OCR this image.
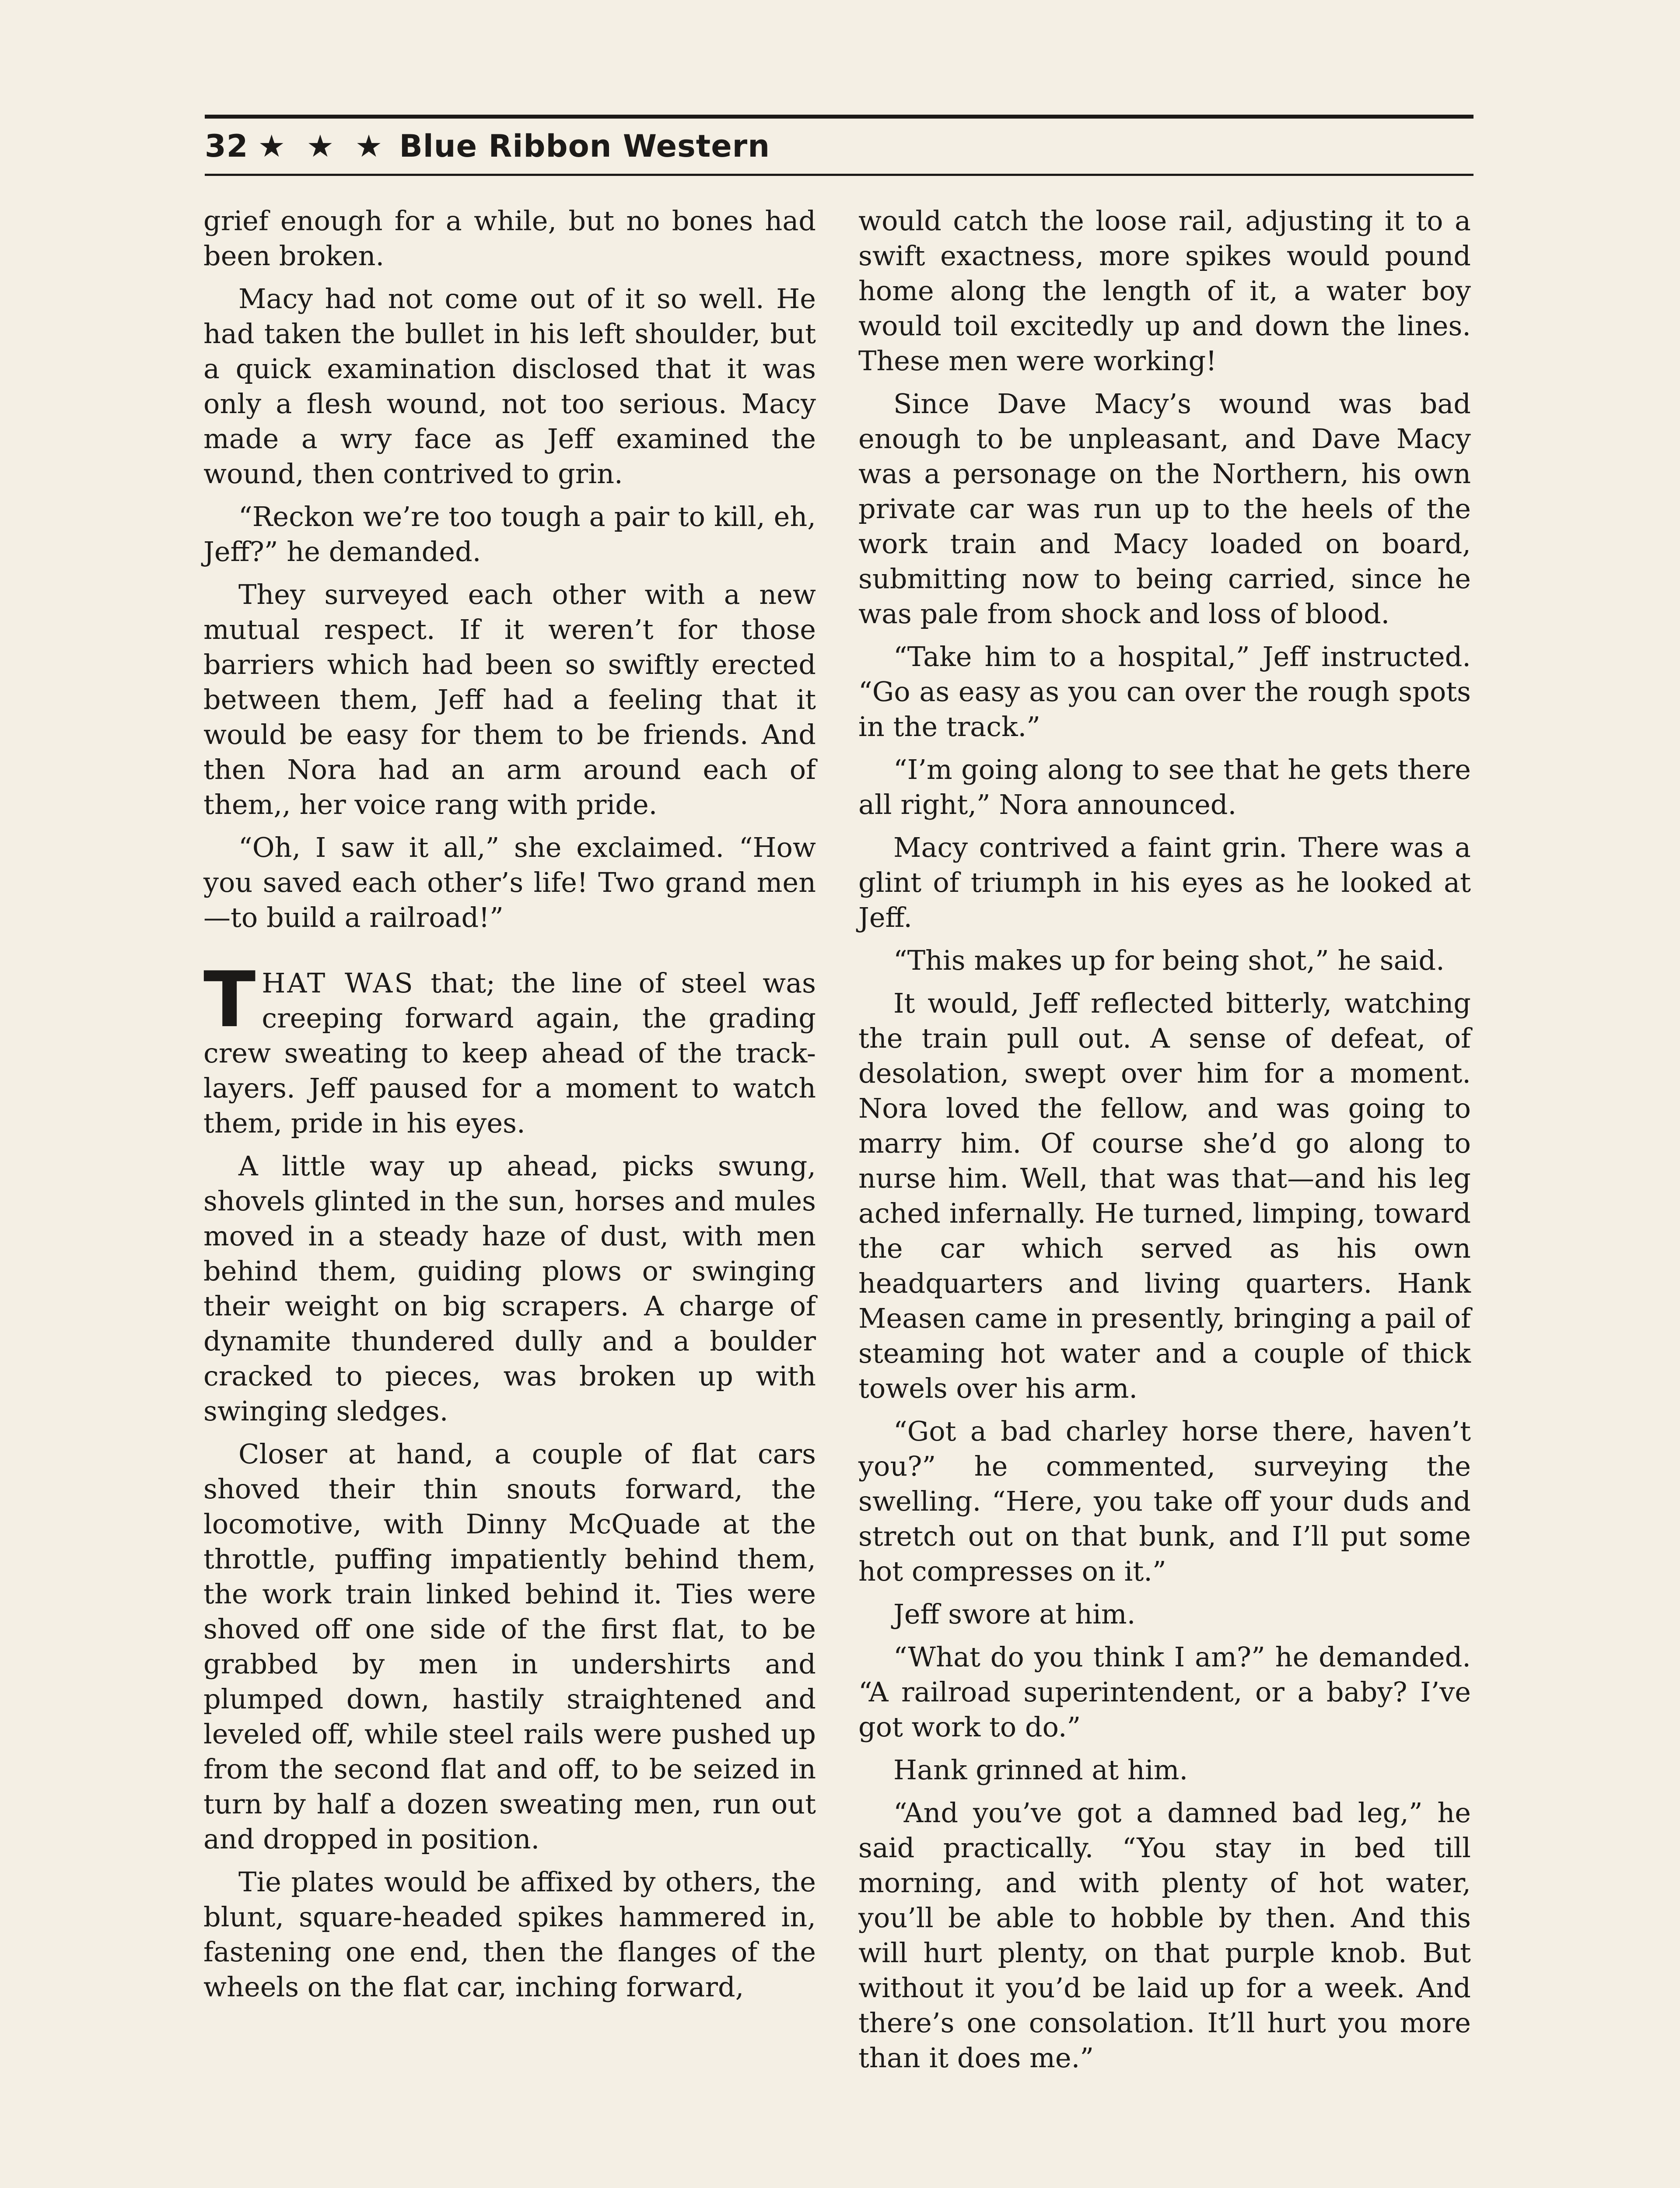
32 ★ ★ ★ Blue Ribbon Western

grief enough for a while, but no bones had been broken.

Macy had not come out of it so well. He had taken the bullet in his left shoulder, but a quick examination disclosed that it was only a flesh wound, not too serious. Macy made a wry face as Jeff examined the wound, then contrived to grin.

“Reckon we’re too tough a pair to kill, eh, Jeff?” he demanded.

They surveyed each other with a new mutual respect. If it weren’t for those barriers which had been so swiftly erected between them, Jeff had a feeling that it would be easy for them to be friends. And then Nora had an arm around each of them,, her voice rang with pride.

“Oh, I saw it all,” she exclaimed. “How you saved each other’s life! Two grand men—to build a railroad!”

THAT WAS that; the line of steel was creeping forward again, the grading crew sweating to keep ahead of the track-layers. Jeff paused for a moment to watch them, pride in his eyes.

A little way up ahead, picks swung, shovels glinted in the sun, horses and mules moved in a steady haze of dust, with men behind them, guiding plows or swinging their weight on big scrapers. A charge of dynamite thundered dully and a boulder cracked to pieces, was broken up with swinging sledges.

Closer at hand, a couple of flat cars shoved their thin snouts forward, the locomotive, with Dinny McQuade at the throttle, puffing impatiently behind them, the work train linked behind it. Ties were shoved off one side of the first flat, to be grabbed by men in undershirts and plumped down, hastily straightened and leveled off, while steel rails were pushed up from the second flat and off, to be seized in turn by half a dozen sweating men, run out and dropped in position.

Tie plates would be affixed by others, the blunt, square-headed spikes hammered in, fastening one end, then the flanges of the wheels on the flat car, inching forward,

would catch the loose rail, adjusting it to a swift exactness, more spikes would pound home along the length of it, a water boy would toil excitedly up and down the lines. These men were working!

Since Dave Macy’s wound was bad enough to be unpleasant, and Dave Macy was a personage on the Northern, his own private car was run up to the heels of the work train and Macy loaded on board, submitting now to being carried, since he was pale from shock and loss of blood.

“Take him to a hospital,” Jeff instructed. “Go as easy as you can over the rough spots in the track.”

“I’m going along to see that he gets there all right,” Nora announced.

Macy contrived a faint grin. There was a glint of triumph in his eyes as he looked at Jeff.

“This makes up for being shot,” he said.

It would, Jeff reflected bitterly, watching the train pull out. A sense of defeat, of desolation, swept over him for a moment. Nora loved the fellow, and was going to marry him. Of course she’d go along to nurse him. Well, that was that—and his leg ached infernally. He turned, limping, toward the car which served as his own headquarters and living quarters. Hank Measen came in presently, bringing a pail of steaming hot water and a couple of thick towels over his arm.

“Got a bad charley horse there, haven’t you?” he commented, surveying the swelling. “Here, you take off your duds and stretch out on that bunk, and I’ll put some hot compresses on it.”

Jeff swore at him.

“What do you think I am?” he demanded. “A railroad superintendent, or a baby? I’ve got work to do.”

Hank grinned at him.

“And you’ve got a damned bad leg,” he said practically. “You stay in bed till morning, and with plenty of hot water, you’ll be able to hobble by then. And this will hurt plenty, on that purple knob. But without it you’d be laid up for a week. And there’s one consolation. It’ll hurt you more than it does me.”
